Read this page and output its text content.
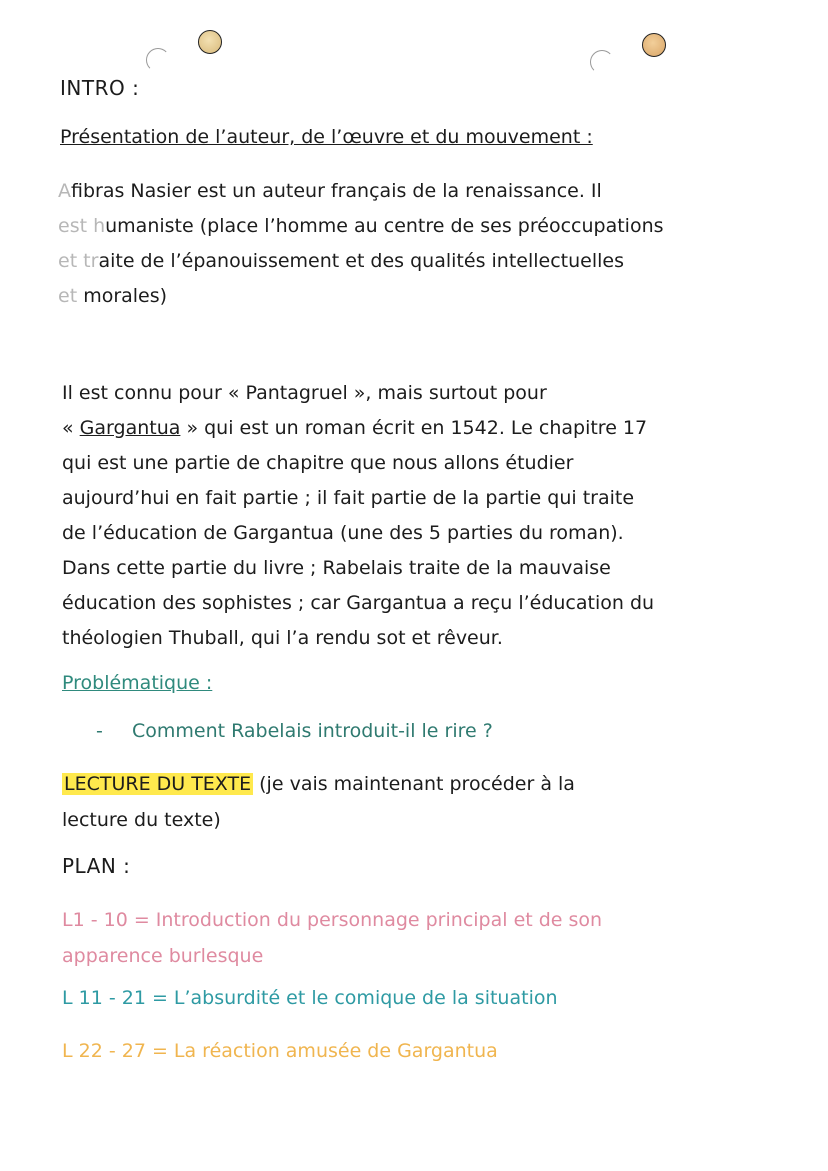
INTRO :
Présentation de l’auteur, de l’œuvre et du mouvement :
Afibras Nasier est un auteur français de la renaissance. Il
est humaniste (place l’homme au centre de ses préoccupations
et traite de l’épanouissement et des qualités intellectuelles
et morales)
Il est connu pour « Pantagruel », mais surtout pour
« Gargantua » qui est un roman écrit en 1542. Le chapitre 17
qui est une partie de chapitre que nous allons étudier
aujourd’hui en fait partie ; il fait partie de la partie qui traite
de l’éducation de Gargantua (une des 5 parties du roman).
Dans cette partie du livre ; Rabelais traite de la mauvaise
éducation des sophistes ; car Gargantua a reçu l’éducation du
théologien Thuball, qui l’a rendu sot et rêveur.
Problématique :
- Comment Rabelais introduit-il le rire ?
LECTURE DU TEXTE (je vais maintenant procéder à la
lecture du texte)
PLAN :
L1 - 10 = Introduction du personnage principal et de son
apparence burlesque
L 11 - 21 = L’absurdité et le comique de la situation
L 22 - 27 = La réaction amusée de Gargantua
